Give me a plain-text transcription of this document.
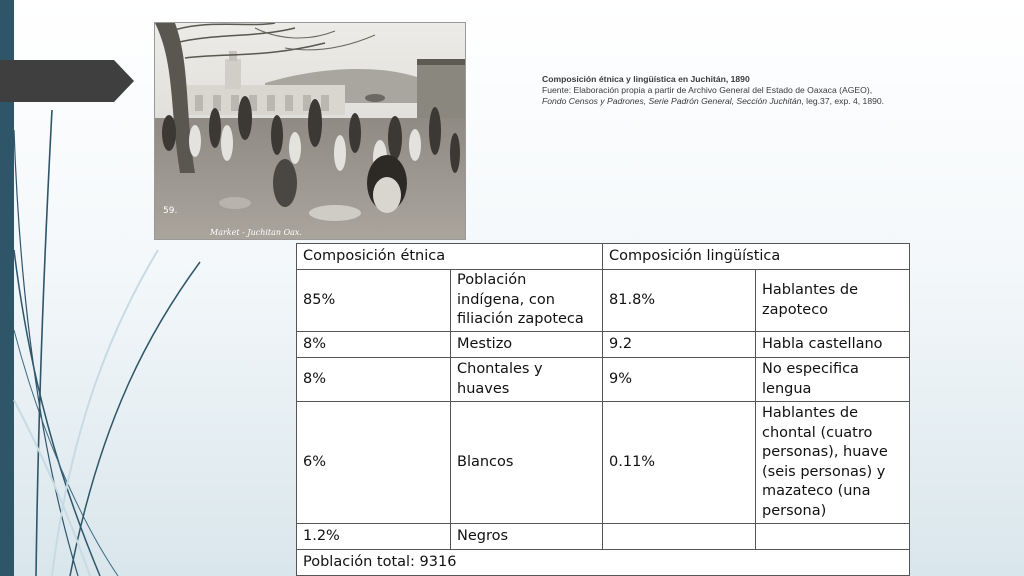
59.
Market - Juchitan Oax.
Composición étnica y lingüística en Juchitán, 1890
Fuente: Elaboración propia a partir de Archivo General del Estado de Oaxaca (AGEO),
Fondo Censos y Padrones, Serie Padrón General, Sección Juchitán, leg.37, exp. 4, 1890.
Composición étnica		Composición lingüística	
85%	Población indígena, con filiación zapoteca	81.8%	Hablantes de zapoteco
8%	Mestizo	9.2	Habla castellano
8%	Chontales y huaves	9%	No especifica lengua
6%	Blancos	0.11%	Hablantes de chontal (cuatro personas), huave (seis personas) y mazateco (una persona)
1.2%	Negros		
Población total: 9316			
